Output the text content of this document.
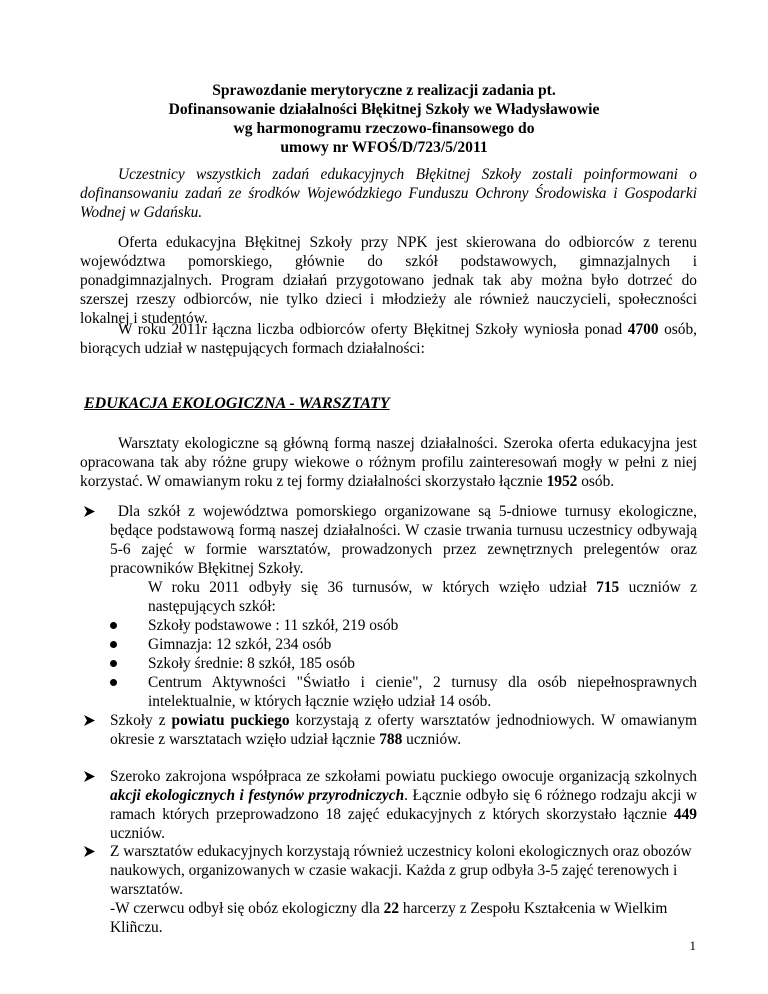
Sprawozdanie merytoryczne z realizacji zadania pt.
Dofinansowanie działalności Błękitnej Szkoły we Władysławowie
wg harmonogramu rzeczowo-finansowego do
umowy nr WFOŚ/D/723/5/2011
Uczestnicy wszystkich zadań edukacyjnych Błękitnej Szkoły zostali poinformowani o dofinansowaniu zadań ze środków Wojewódzkiego Funduszu Ochrony Środowiska i Gospodarki Wodnej w Gdańsku.
Oferta edukacyjna Błękitnej Szkoły przy NPK jest skierowana do odbiorców z terenu województwa pomorskiego, głównie do szkół podstawowych, gimnazjalnych i ponadgimnazjalnych. Program działań przygotowano jednak tak aby można było dotrzeć do szerszej rzeszy odbiorców, nie tylko dzieci i młodzieży ale również nauczycieli, społeczności lokalnej i studentów.
W roku 2011r łączna liczba odbiorców oferty Błękitnej Szkoły wyniosła ponad 4700 osób, biorących udział w następujących formach działalności:
EDUKACJA EKOLOGICZNA - WARSZTATY
Warsztaty ekologiczne są główną formą naszej działalności. Szeroka oferta edukacyjna jest opracowana tak aby różne grupy wiekowe o różnym profilu zainteresowań mogły w pełni z niej korzystać. W omawianym roku z tej formy działalności skorzystało łącznie 1952 osób.
Dla szkół z województwa pomorskiego organizowane są 5-dniowe turnusy ekologiczne, będące podstawową formą naszej działalności. W czasie trwania turnusu uczestnicy odbywają 5-6 zajęć w formie warsztatów, prowadzonych przez zewnętrznych prelegentów oraz pracowników Błękitnej Szkoły.
W roku 2011 odbyły się 36 turnusów, w których wzięło udział 715 uczniów z następujących szkół:
Szkoły podstawowe : 11 szkół, 219 osób
Gimnazja: 12 szkół, 234 osób
Szkoły średnie: 8 szkół, 185 osób
Centrum Aktywności "Światło i cienie", 2 turnusy dla osób niepełnosprawnych intelektualnie, w których łącznie wzięło udział 14 osób.
Szkoły z powiatu puckiego korzystają z oferty warsztatów jednodniowych. W omawianym okresie z warsztatach wzięło udział łącznie 788 uczniów.
Szeroko zakrojona współpraca ze szkołami powiatu puckiego owocuje organizacją szkolnych akcji ekologicznych i festynów przyrodniczych. Łącznie odbyło się 6 różnego rodzaju akcji w ramach których przeprowadzono 18 zajęć edukacyjnych z których skorzystało łącznie 449 uczniów.
Z warsztatów edukacyjnych korzystają również uczestnicy koloni ekologicznych oraz obozów naukowych, organizowanych w czasie wakacji. Każda z grup odbyła 3-5 zajęć terenowych i warsztatów.
-W czerwcu odbył się obóz ekologiczny dla 22 harcerzy z Zespołu Kształcenia w Wielkim Kliñczu.
1
